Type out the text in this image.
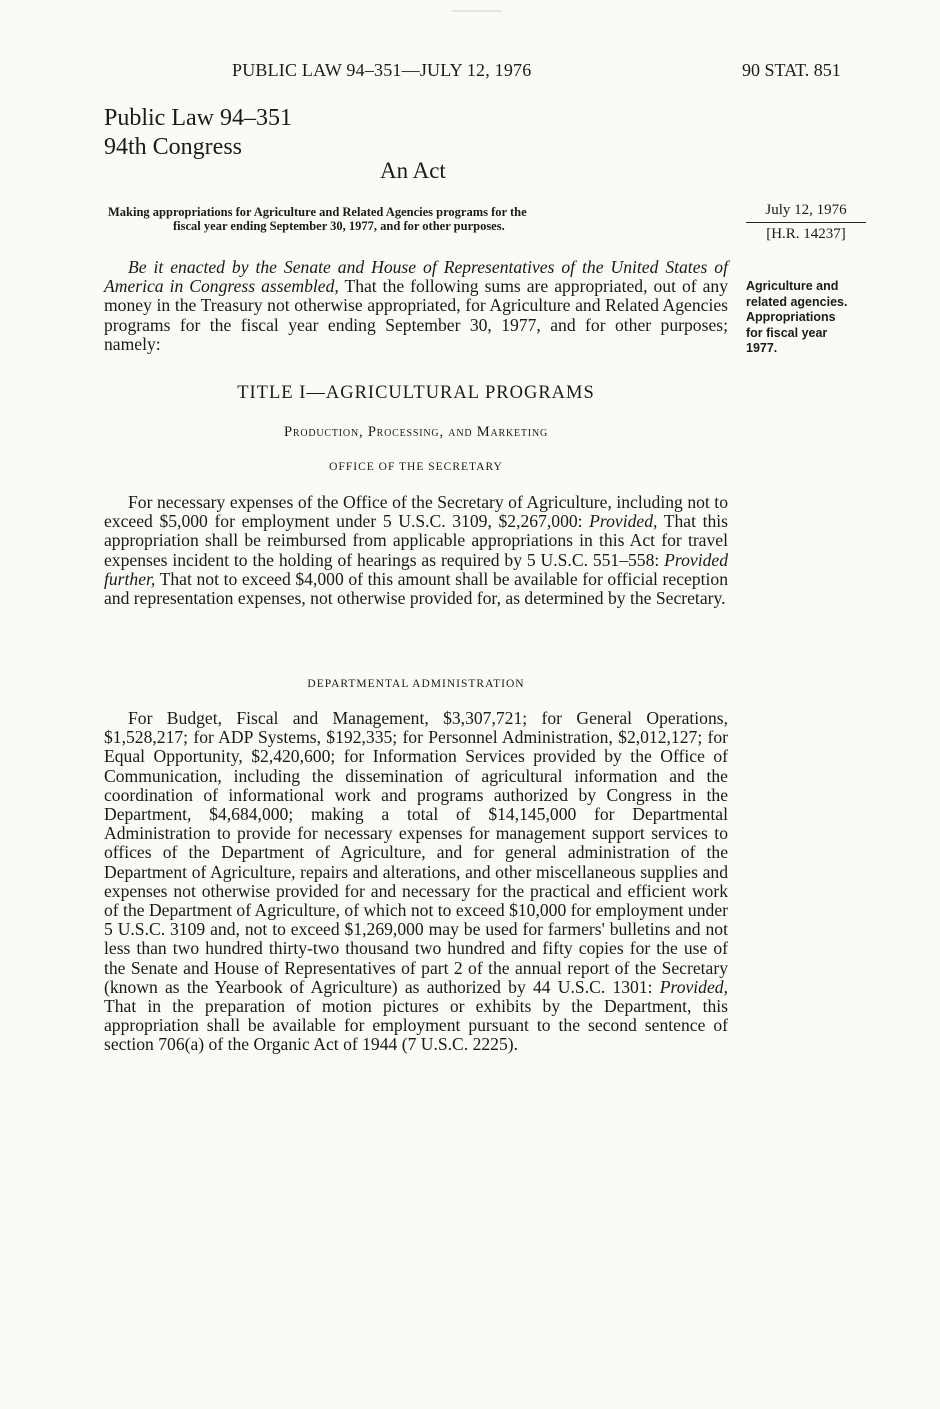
PUBLIC LAW 94–351—JULY 12, 1976	90 STAT. 851
Public Law 94–351
94th Congress
An Act
Making appropriations for Agriculture and Related Agencies programs for the
fiscal year ending September 30, 1977, and for other purposes.
July 12, 1976
[H.R. 14237]
Agriculture and
related agencies.
Appropriations
for fiscal year
1977.
Be it enacted by the Senate and House of Representatives of the United States of America in Congress assembled, That the following sums are appropriated, out of any money in the Treasury not otherwise appropriated, for Agriculture and Related Agencies programs for the fiscal year ending September 30, 1977, and for other purposes; namely:
TITLE I—AGRICULTURAL PROGRAMS
Production, Processing, and Marketing
OFFICE OF THE SECRETARY
For necessary expenses of the Office of the Secretary of Agriculture, including not to exceed $5,000 for employment under 5 U.S.C. 3109, $2,267,000: Provided, That this appropriation shall be reimbursed from applicable appropriations in this Act for travel expenses incident to the holding of hearings as required by 5 U.S.C. 551–558: Provided further, That not to exceed $4,000 of this amount shall be available for official reception and representation expenses, not otherwise provided for, as determined by the Secretary.
DEPARTMENTAL ADMINISTRATION
For Budget, Fiscal and Management, $3,307,721; for General Operations, $1,528,217; for ADP Systems, $192,335; for Personnel Administration, $2,012,127; for Equal Opportunity, $2,420,600; for Information Services provided by the Office of Communication, including the dissemination of agricultural information and the coordination of informational work and programs authorized by Congress in the Department, $4,684,000; making a total of $14,145,000 for Departmental Administration to provide for necessary expenses for management support services to offices of the Department of Agriculture, and for general administration of the Department of Agriculture, repairs and alterations, and other miscellaneous supplies and expenses not otherwise provided for and necessary for the practical and efficient work of the Department of Agriculture, of which not to exceed $10,000 for employment under 5 U.S.C. 3109 and, not to exceed $1,269,000 may be used for farmers' bulletins and not less than two hundred thirty-two thousand two hundred and fifty copies for the use of the Senate and House of Representatives of part 2 of the annual report of the Secretary (known as the Yearbook of Agriculture) as authorized by 44 U.S.C. 1301: Provided, That in the preparation of motion pictures or exhibits by the Department, this appropriation shall be available for employment pursuant to the second sentence of section 706(a) of the Organic Act of 1944 (7 U.S.C. 2225).
